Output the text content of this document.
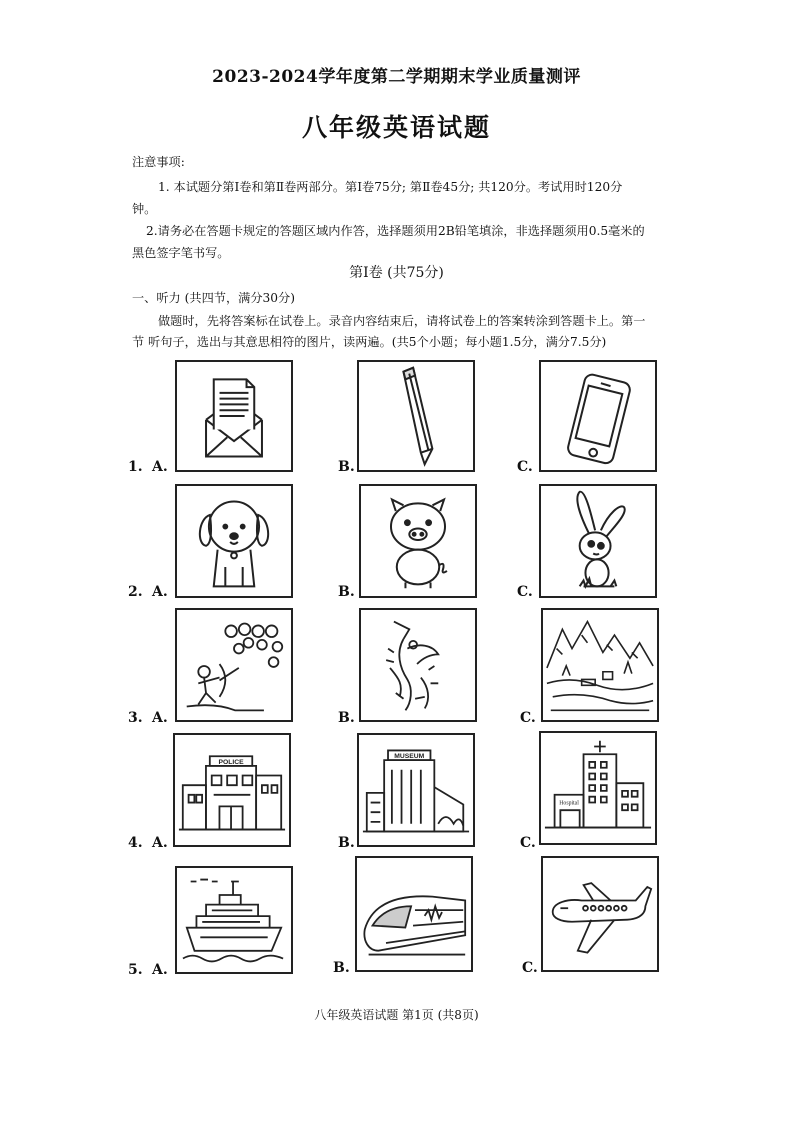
2023-2024学年度第二学期期末学业质量测评
八年级英语试题
注意事项:
1. 本试题分第Ⅰ卷和第Ⅱ卷两部分。第Ⅰ卷75分; 第Ⅱ卷45分; 共120分。考试用时120分
钟。
2.请务必在答题卡规定的答题区域内作答，选择题须用2B铅笔填涂，非选择题须用0.5毫米的
黑色签字笔书写。
第Ⅰ卷 (共75分)
一、听力 (共四节，满分30分)
做题时，先将答案标在试卷上。录音内容结束后，请将试卷上的答案转涂到答题卡上。第一
节 听句子，选出与其意思相符的图片，读两遍。(共5个小题；每小题1.5分，满分7.5分)
1. A.	B.	C.
2. A.	B.	C.
3. A.	B.	C.
4. A.
POLICE
B.
MUSEUM
C.
Hospital
5. A.	B.	C.
八年级英语试题 第1页 (共8页)
